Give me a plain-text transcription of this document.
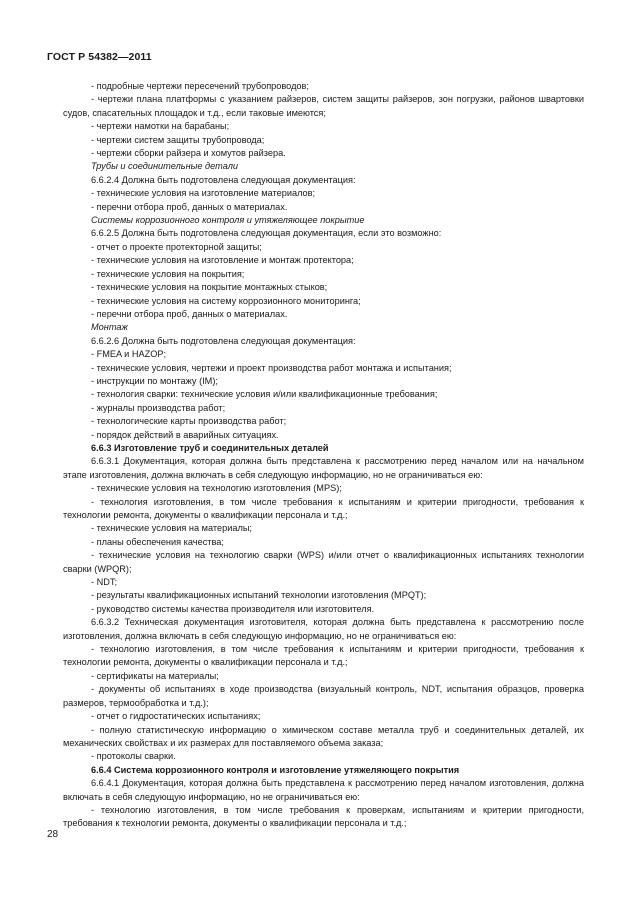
ГОСТ Р 54382—2011

- подробные чертежи пересечений трубопроводов;

- чертежи плана платформы с указанием райзеров, систем защиты райзеров, зон погрузки, районов швартовки судов, спасательных площадок и т.д., если таковые имеются;

- чертежи намотки на барабаны;

- чертежи систем защиты трубопровода;

- чертежи сборки райзера и хомутов райзера.

Трубы и соединительные детали

6.6.2.4 Должна быть подготовлена следующая документация:

- технические условия на изготовление материалов;

- перечни отбора проб, данных о материалах.

Системы коррозионного контроля и утяжеляющее покрытие

6.6.2.5 Должна быть подготовлена следующая документация, если это возможно:

- отчет о проекте протекторной защиты;

- технические условия на изготовление и монтаж протектора;

- технические условия на покрытия;

- технические условия на покрытие монтажных стыков;

- технические условия на систему коррозионного мониторинга;

- перечни отбора проб, данных о материалах.

Монтаж

6.6.2.6 Должна быть подготовлена следующая документация:

- FMEA и HAZOP;

- технические условия, чертежи и проект производства работ монтажа и испытания;

- инструкции по монтажу (IM);

- технология сварки: технические условия и/или квалификационные требования;

- журналы производства работ;

- технологические карты производства работ;

- порядок действий в аварийных ситуациях.

6.6.3 Изготовление труб и соединительных деталей

6.6.3.1 Документация, которая должна быть представлена к рассмотрению перед началом или на начальном этапе изготовления, должна включать в себя следующую информацию, но не ограничиваться ею:

- технические условия на технологию изготовления (MPS);

- технология изготовления, в том числе требования к испытаниям и критерии пригодности, требования к технологии ремонта, документы о квалификации персонала и т.д.;

- технические условия на материалы;

- планы обеспечения качества;

- технические условия на технологию сварки (WPS) и/или отчет о квалификационных испытаниях технологии сварки (WPQR);

- NDT;

- результаты квалификационных испытаний технологии изготовления (MPQT);

- руководство системы качества производителя или изготовителя.

6.6.3.2 Техническая документация изготовителя, которая должна быть представлена к рассмотрению после изготовления, должна включать в себя следующую информацию, но не ограничиваться ею:

- технологию изготовления, в том числе требования к испытаниям и критерии пригодности, требования к технологии ремонта, документы о квалификации персонала и т.д.;

- сертификаты на материалы;

- документы об испытаниях в ходе производства (визуальный контроль, NDT, испытания образцов, проверка размеров, термообработка и т.д.);

- отчет о гидростатических испытаниях;

- полную статистическую информацию о химическом составе металла труб и соединительных деталей, их механических свойствах и их размерах для поставляемого объема заказа;

- протоколы сварки.

6.6.4 Система коррозионного контроля и изготовление утяжеляющего покрытия

6.6.4.1 Документация, которая должна быть представлена к рассмотрению перед началом изготовления, должна включать в себя следующую информацию, но не ограничиваться ею:

- технологию изготовления, в том числе требования к проверкам, испытаниям и критерии пригодности, требования к технологии ремонта, документы о квалификации персонала и т.д.;

28
